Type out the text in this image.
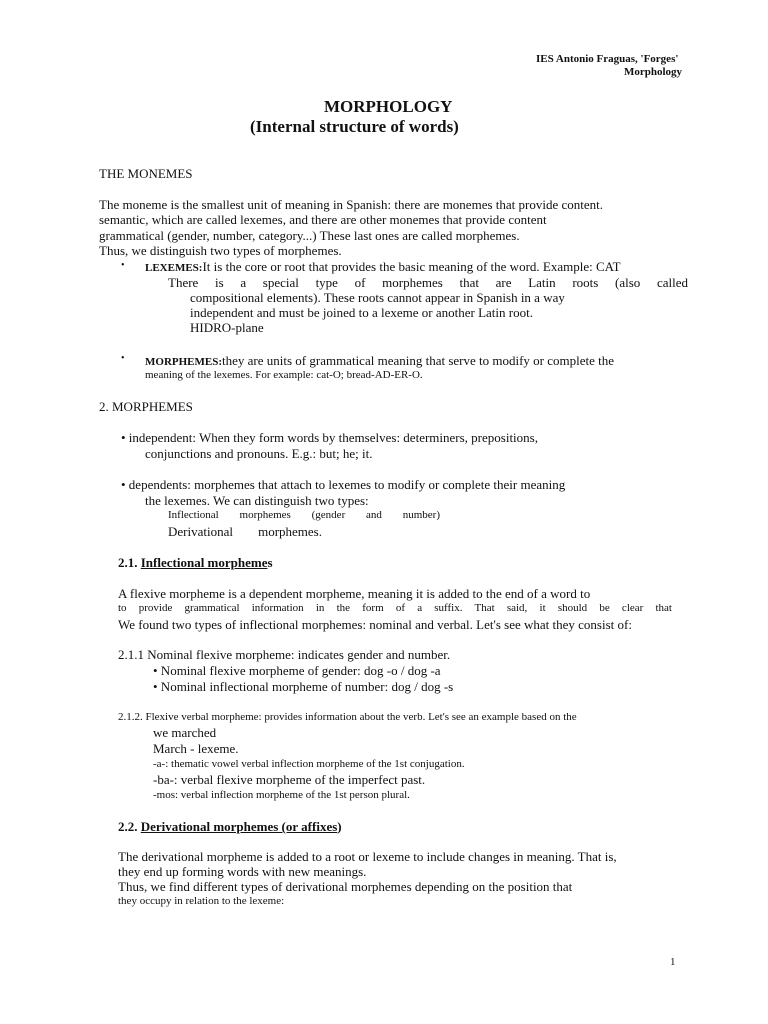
IES Antonio Fraguas, 'Forges'
Morphology
MORPHOLOGY
(Internal structure of words)
THE MONEMES
The moneme is the smallest unit of meaning in Spanish: there are monemes that provide content.
semantic, which are called lexemes, and there are other monemes that provide content
grammatical (gender, number, category...) These last ones are called morphemes.
Thus, we distinguish two types of morphemes.
• LEXEMES:It is the core or root that provides the basic meaning of the word. Example: CAT
There is a special type of morphemes that are Latin roots (also called
compositional elements). These roots cannot appear in Spanish in a way
independent and must be joined to a lexeme or another Latin root.
HIDRO-plane
• MORPHEMES:they are units of grammatical meaning that serve to modify or complete the
meaning of the lexemes. For example: cat-O; bread-AD-ER-O.
2. MORPHEMES
• independent: When they form words by themselves: determiners, prepositions,
conjunctions and pronouns. E.g.: but; he; it.
• dependents: morphemes that attach to lexemes to modify or complete their meaning
the lexemes. We can distinguish two types:
Inflectional morphemes (gender and number)
Derivational morphemes.
2.1. Inflectional morphemes
A flexive morpheme is a dependent morpheme, meaning it is added to the end of a word to
to provide grammatical information in the form of a suffix. That said, it should be clear that
We found two types of inflectional morphemes: nominal and verbal. Let's see what they consist of:
2.1.1 Nominal flexive morpheme: indicates gender and number.
• Nominal flexive morpheme of gender: dog -o / dog -a
• Nominal inflectional morpheme of number: dog / dog -s
2.1.2. Flexive verbal morpheme: provides information about the verb. Let's see an example based on the
we marched
March - lexeme.
-a-: thematic vowel verbal inflection morpheme of the 1st conjugation.
-ba-: verbal flexive morpheme of the imperfect past.
-mos: verbal inflection morpheme of the 1st person plural.
2.2. Derivational morphemes (or affixes)
The derivational morpheme is added to a root or lexeme to include changes in meaning. That is,
they end up forming words with new meanings.
Thus, we find different types of derivational morphemes depending on the position that
they occupy in relation to the lexeme:
1
